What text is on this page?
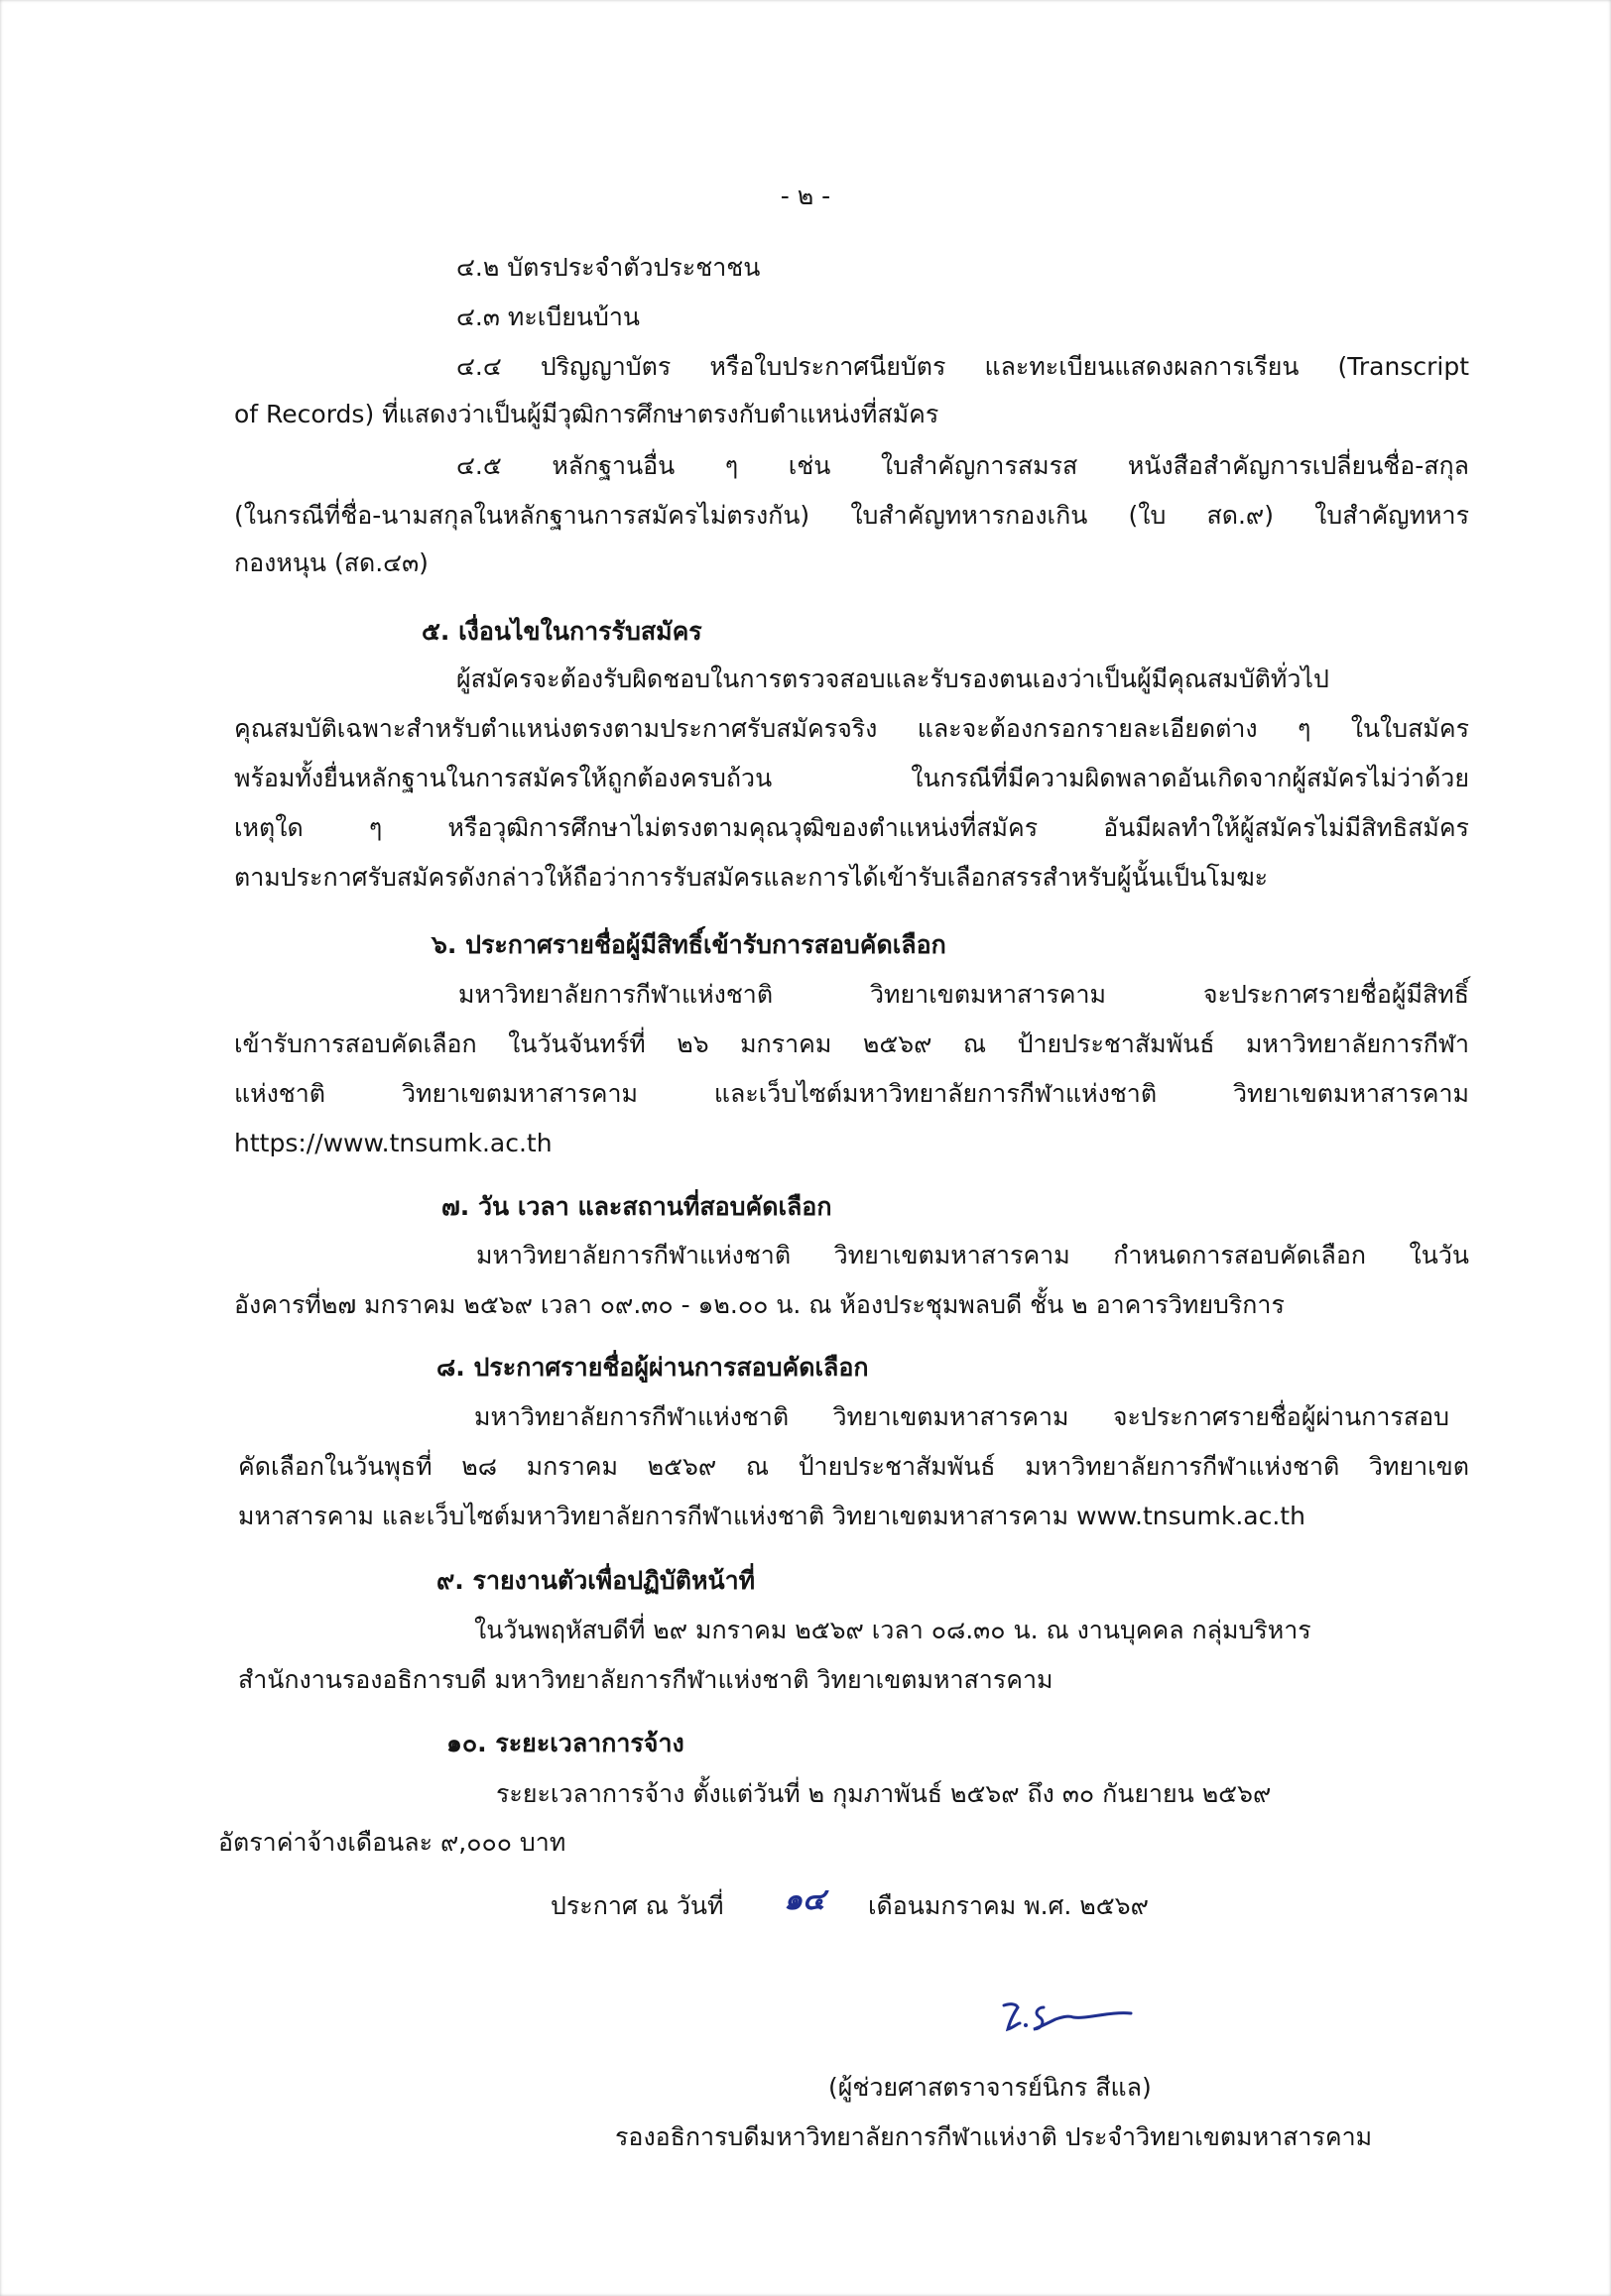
- ๒ -
๔.๒ บัตรประจำตัวประชาชน
๔.๓ ทะเบียนบ้าน
๔.๔ ปริญญาบัตร หรือใบประกาศนียบัตร และทะเบียนแสดงผลการเรียน (Transcript
of Records) ที่แสดงว่าเป็นผู้มีวุฒิการศึกษาตรงกับตำแหน่งที่สมัคร
๔.๕ หลักฐานอื่น ๆ เช่น ใบสำคัญการสมรส หนังสือสำคัญการเปลี่ยนชื่อ-สกุล
(ในกรณีที่ชื่อ-นามสกุลในหลักฐานการสมัครไม่ตรงกัน) ใบสำคัญทหารกองเกิน (ใบ สด.๙) ใบสำคัญทหาร
กองหนุน (สด.๔๓)
๕. เงื่อนไขในการรับสมัคร
ผู้สมัครจะต้องรับผิดชอบในการตรวจสอบและรับรองตนเองว่าเป็นผู้มีคุณสมบัติทั่วไป
คุณสมบัติเฉพาะสำหรับตำแหน่งตรงตามประกาศรับสมัครจริง และจะต้องกรอกรายละเอียดต่าง ๆ ในใบสมัคร
พร้อมทั้งยื่นหลักฐานในการสมัครให้ถูกต้องครบถ้วน ในกรณีที่มีความผิดพลาดอันเกิดจากผู้สมัครไม่ว่าด้วย
เหตุใด ๆ หรือวุฒิการศึกษาไม่ตรงตามคุณวุฒิของตำแหน่งที่สมัคร อันมีผลทำให้ผู้สมัครไม่มีสิทธิสมัคร
ตามประกาศรับสมัครดังกล่าวให้ถือว่าการรับสมัครและการได้เข้ารับเลือกสรรสำหรับผู้นั้นเป็นโมฆะ
๖. ประกาศรายชื่อผู้มีสิทธิ์เข้ารับการสอบคัดเลือก
มหาวิทยาลัยการกีฬาแห่งชาติ วิทยาเขตมหาสารคาม จะประกาศรายชื่อผู้มีสิทธิ์
เข้ารับการสอบคัดเลือก ในวันจันทร์ที่ ๒๖ มกราคม ๒๕๖๙ ณ ป้ายประชาสัมพันธ์ มหาวิทยาลัยการกีฬา
แห่งชาติ วิทยาเขตมหาสารคาม และเว็บไซต์มหาวิทยาลัยการกีฬาแห่งชาติ วิทยาเขตมหาสารคาม
https://www.tnsumk.ac.th
๗. วัน เวลา และสถานที่สอบคัดเลือก
มหาวิทยาลัยการกีฬาแห่งชาติ วิทยาเขตมหาสารคาม กำหนดการสอบคัดเลือก ในวัน
อังคารที่๒๗ มกราคม ๒๕๖๙ เวลา ๐๙.๓๐ - ๑๒.๐๐ น. ณ ห้องประชุมพลบดี ชั้น ๒ อาคารวิทยบริการ
๘. ประกาศรายชื่อผู้ผ่านการสอบคัดเลือก
มหาวิทยาลัยการกีฬาแห่งชาติ วิทยาเขตมหาสารคาม จะประกาศรายชื่อผู้ผ่านการสอบ
คัดเลือกในวันพุธที่ ๒๘ มกราคม ๒๕๖๙ ณ ป้ายประชาสัมพันธ์ มหาวิทยาลัยการกีฬาแห่งชาติ วิทยาเขต
มหาสารคาม และเว็บไซต์มหาวิทยาลัยการกีฬาแห่งชาติ วิทยาเขตมหาสารคาม www.tnsumk.ac.th
๙. รายงานตัวเพื่อปฏิบัติหน้าที่
ในวันพฤหัสบดีที่ ๒๙ มกราคม ๒๕๖๙ เวลา ๐๘.๓๐ น. ณ งานบุคคล กลุ่มบริหาร
สำนักงานรองอธิการบดี มหาวิทยาลัยการกีฬาแห่งชาติ วิทยาเขตมหาสารคาม
๑๐. ระยะเวลาการจ้าง
ระยะเวลาการจ้าง ตั้งแต่วันที่ ๒ กุมภาพันธ์ ๒๕๖๙ ถึง ๓๐ กันยายน ๒๕๖๙
อัตราค่าจ้างเดือนละ ๙,๐๐๐ บาท
ประกาศ ณ วันที่	๑๔	เดือนมกราคม พ.ศ. ๒๕๖๙
(ผู้ช่วยศาสตราจารย์นิกร สีแล)
รองอธิการบดีมหาวิทยาลัยการกีฬาแห่งาติ ประจำวิทยาเขตมหาสารคาม
